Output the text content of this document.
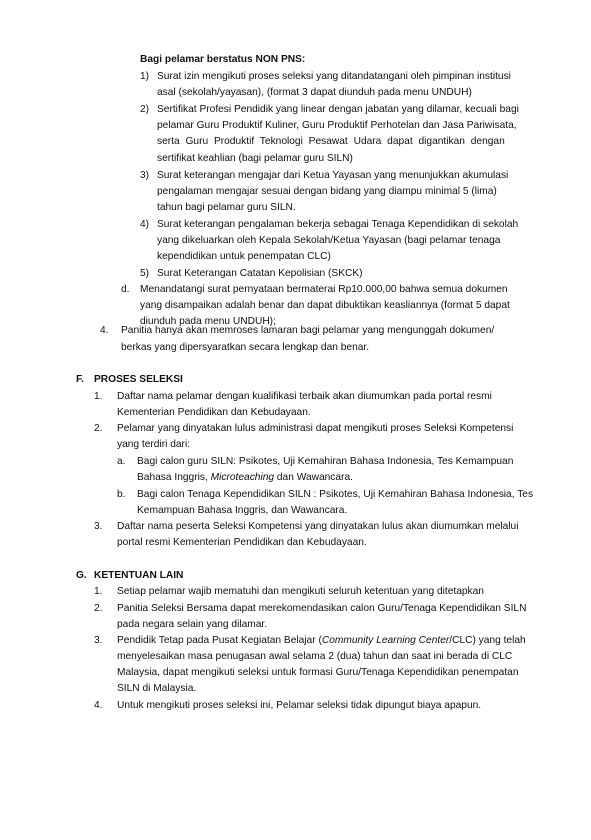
Bagi pelamar berstatus NON PNS:
1) Surat izin mengikuti proses seleksi yang ditandatangani oleh pimpinan institusi
asal (sekolah/yayasan), (format 3 dapat diunduh pada menu UNDUH)
2) Sertifikat Profesi Pendidik yang linear dengan jabatan yang dilamar, kecuali bagi
pelamar Guru Produktif Kuliner, Guru Produktif Perhotelan dan Jasa Pariwisata,
serta Guru Produktif Teknologi Pesawat Udara dapat digantikan dengan
sertifikat keahlian (bagi pelamar guru SILN)
3) Surat keterangan mengajar dari Ketua Yayasan yang menunjukkan akumulasi
pengalaman mengajar sesuai dengan bidang yang diampu minimal 5 (lima)
tahun bagi pelamar guru SILN.
4) Surat keterangan pengalaman bekerja sebagai Tenaga Kependidikan di sekolah
yang dikeluarkan oleh Kepala Sekolah/Ketua Yayasan (bagi pelamar tenaga
kependidikan untuk penempatan CLC)
5) Surat Keterangan Catatan Kepolisian (SKCK)
d. Menandatangi surat pernyataan bermaterai Rp10.000,00 bahwa semua dokumen
yang disampaikan adalah benar dan dapat dibuktikan keasliannya (format 5 dapat
diunduh pada menu UNDUH);
4. Panitia hanya akan memroses lamaran bagi pelamar yang mengunggah dokumen/
berkas yang dipersyaratkan secara lengkap dan benar.
F. PROSES SELEKSI
1. Daftar nama pelamar dengan kualifikasi terbaik akan diumumkan pada portal resmi
Kementerian Pendidikan dan Kebudayaan.
2. Pelamar yang dinyatakan lulus administrasi dapat mengikuti proses Seleksi Kompetensi
yang terdiri dari:
a. Bagi calon guru SILN: Psikotes, Uji Kemahiran Bahasa Indonesia, Tes Kemampuan
Bahasa Inggris, Microteaching dan Wawancara.
b. Bagi calon Tenaga Kependidikan SILN : Psikotes, Uji Kemahiran Bahasa Indonesia, Tes
Kemampuan Bahasa Inggris, dan Wawancara.
3. Daftar nama peserta Seleksi Kompetensi yang dinyatakan lulus akan diumumkan melalui
portal resmi Kementerian Pendidikan dan Kebudayaan.
G. KETENTUAN LAIN
1. Setiap pelamar wajib mematuhi dan mengikuti seluruh ketentuan yang ditetapkan
2. Panitia Seleksi Bersama dapat merekomendasikan calon Guru/Tenaga Kependidikan SILN
pada negara selain yang dilamar.
3. Pendidik Tetap pada Pusat Kegiatan Belajar (Community Learning Center/CLC) yang telah
menyelesaikan masa penugasan awal selama 2 (dua) tahun dan saat ini berada di CLC
Malaysia, dapat mengikuti seleksi untuk formasi Guru/Tenaga Kependidikan penempatan
SILN di Malaysia.
4. Untuk mengikuti proses seleksi ini, Pelamar seleksi tidak dipungut biaya apapun.
